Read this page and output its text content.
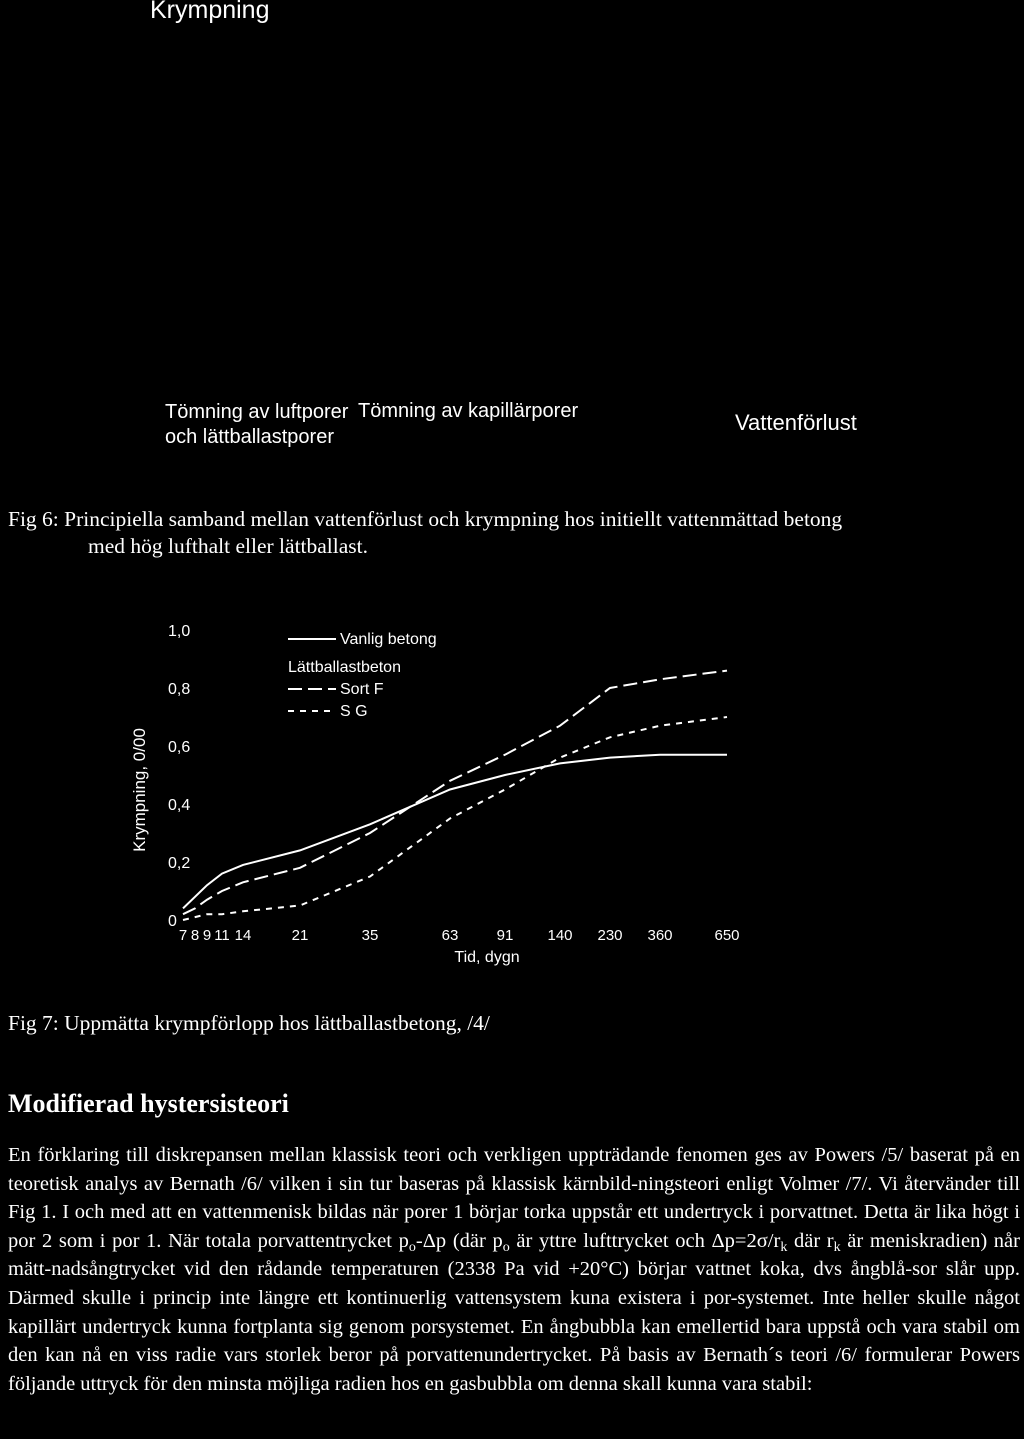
Krympning
Tömning av luftporer och lättballastporer
Tömning av kapillärporer	Vattenförlust
Fig 6: Principiella samband mellan vattenförlust och krympning hos initiellt vattenmättad betong
med hög lufthalt eller lättballast.
Krympning, 0/00
0
0,2
0,4
0,6
0,8
1,0
7 8 9 11 14	21	35	63	91 140 230 360	650
Tid, dygn
Vanlig betong
Lättballastbeton
Sort F
S G
Fig 7: Uppmätta krympförlopp hos lättballastbetong, /4/
Modifierad hystersisteori

En förklaring till diskrepansen mellan klassisk teori och verkligen uppträdande fenomen ges av Powers /5/ baserat på en teoretisk analys av Bernath /6/ vilken i sin tur baseras på klassisk kärnbild-ningsteori enligt Volmer /7/. Vi återvänder till Fig 1. I och med att en vattenmenisk bildas när porer 1 börjar torka uppstår ett undertryck i porvattnet. Detta är lika högt i por 2 som i por 1. När totala porvattentrycket $p_o-\Delta p$ (där $p_o$ är yttre lufttrycket och $\Delta p=2\sigma/r_k$ där $r_k$ är meniskradien) når mätt-nadsångtrycket vid den rådande temperaturen (2338 Pa vid +20°C) börjar vattnet koka, dvs ångblå-sor slår upp. Därmed skulle i princip inte längre ett kontinuerlig vattensystem kuna existera i por-systemet. Inte heller skulle något kapillärt undertryck kunna fortplanta sig genom porsystemet. En ångbubbla kan emellertid bara uppstå och vara stabil om den kan nå en viss radie vars storlek beror på porvattenundertrycket. På basis av Bernath´s teori /6/ formulerar Powers följande uttryck för den minsta möjliga radien hos en gasbubbla om denna skall kunna vara stabil:
